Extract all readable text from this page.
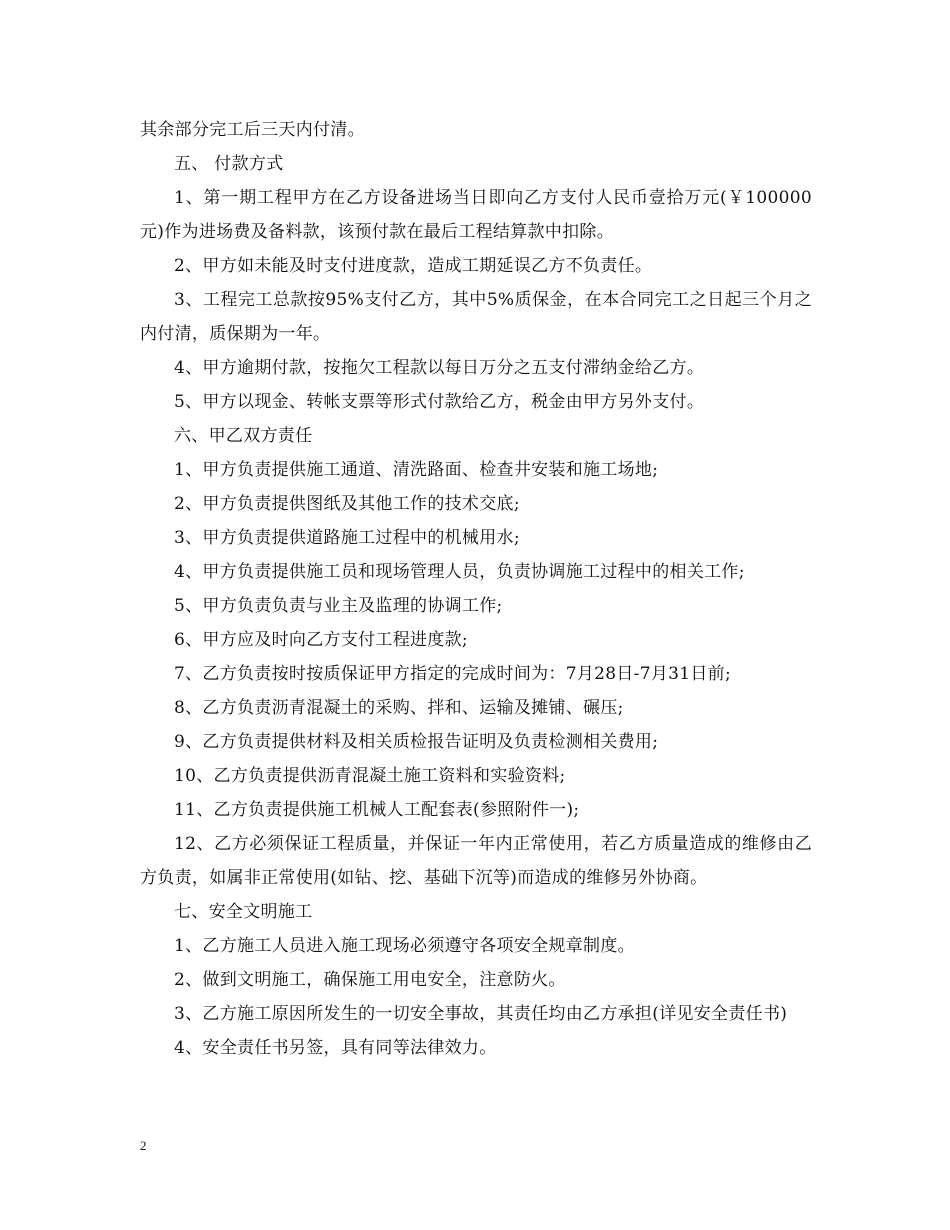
其余部分完工后三天内付清。

五、 付款方式

1、第一期工程甲方在乙方设备进场当日即向乙方支付人民币壹拾万元(￥100000元)作为进场费及备料款，该预付款在最后工程结算款中扣除。

2、甲方如未能及时支付进度款，造成工期延误乙方不负责任。

3、工程完工总款按95%支付乙方，其中5%质保金，在本合同完工之日起三个月之内付清，质保期为一年。

4、甲方逾期付款，按拖欠工程款以每日万分之五支付滞纳金给乙方。

5、甲方以现金、转帐支票等形式付款给乙方，税金由甲方另外支付。

六、甲乙双方责任

1、甲方负责提供施工通道、清洗路面、检查井安装和施工场地;

2、甲方负责提供图纸及其他工作的技术交底;

3、甲方负责提供道路施工过程中的机械用水;

4、甲方负责提供施工员和现场管理人员，负责协调施工过程中的相关工作;

5、甲方负责负责与业主及监理的协调工作;

6、甲方应及时向乙方支付工程进度款;

7、乙方负责按时按质保证甲方指定的完成时间为：7月28日-7月31日前;

8、乙方负责沥青混凝土的采购、拌和、运输及摊铺、碾压;

9、乙方负责提供材料及相关质检报告证明及负责检测相关费用;

10、乙方负责提供沥青混凝土施工资料和实验资料;

11、乙方负责提供施工机械人工配套表(参照附件一);

12、乙方必须保证工程质量，并保证一年内正常使用，若乙方质量造成的维修由乙方负责，如属非正常使用(如钻、挖、基础下沉等)而造成的维修另外协商。

七、安全文明施工

1、乙方施工人员进入施工现场必须遵守各项安全规章制度。

2、做到文明施工，确保施工用电安全，注意防火。

3、乙方施工原因所发生的一切安全事故，其责任均由乙方承担(详见安全责任书)

4、安全责任书另签，具有同等法律效力。

2
